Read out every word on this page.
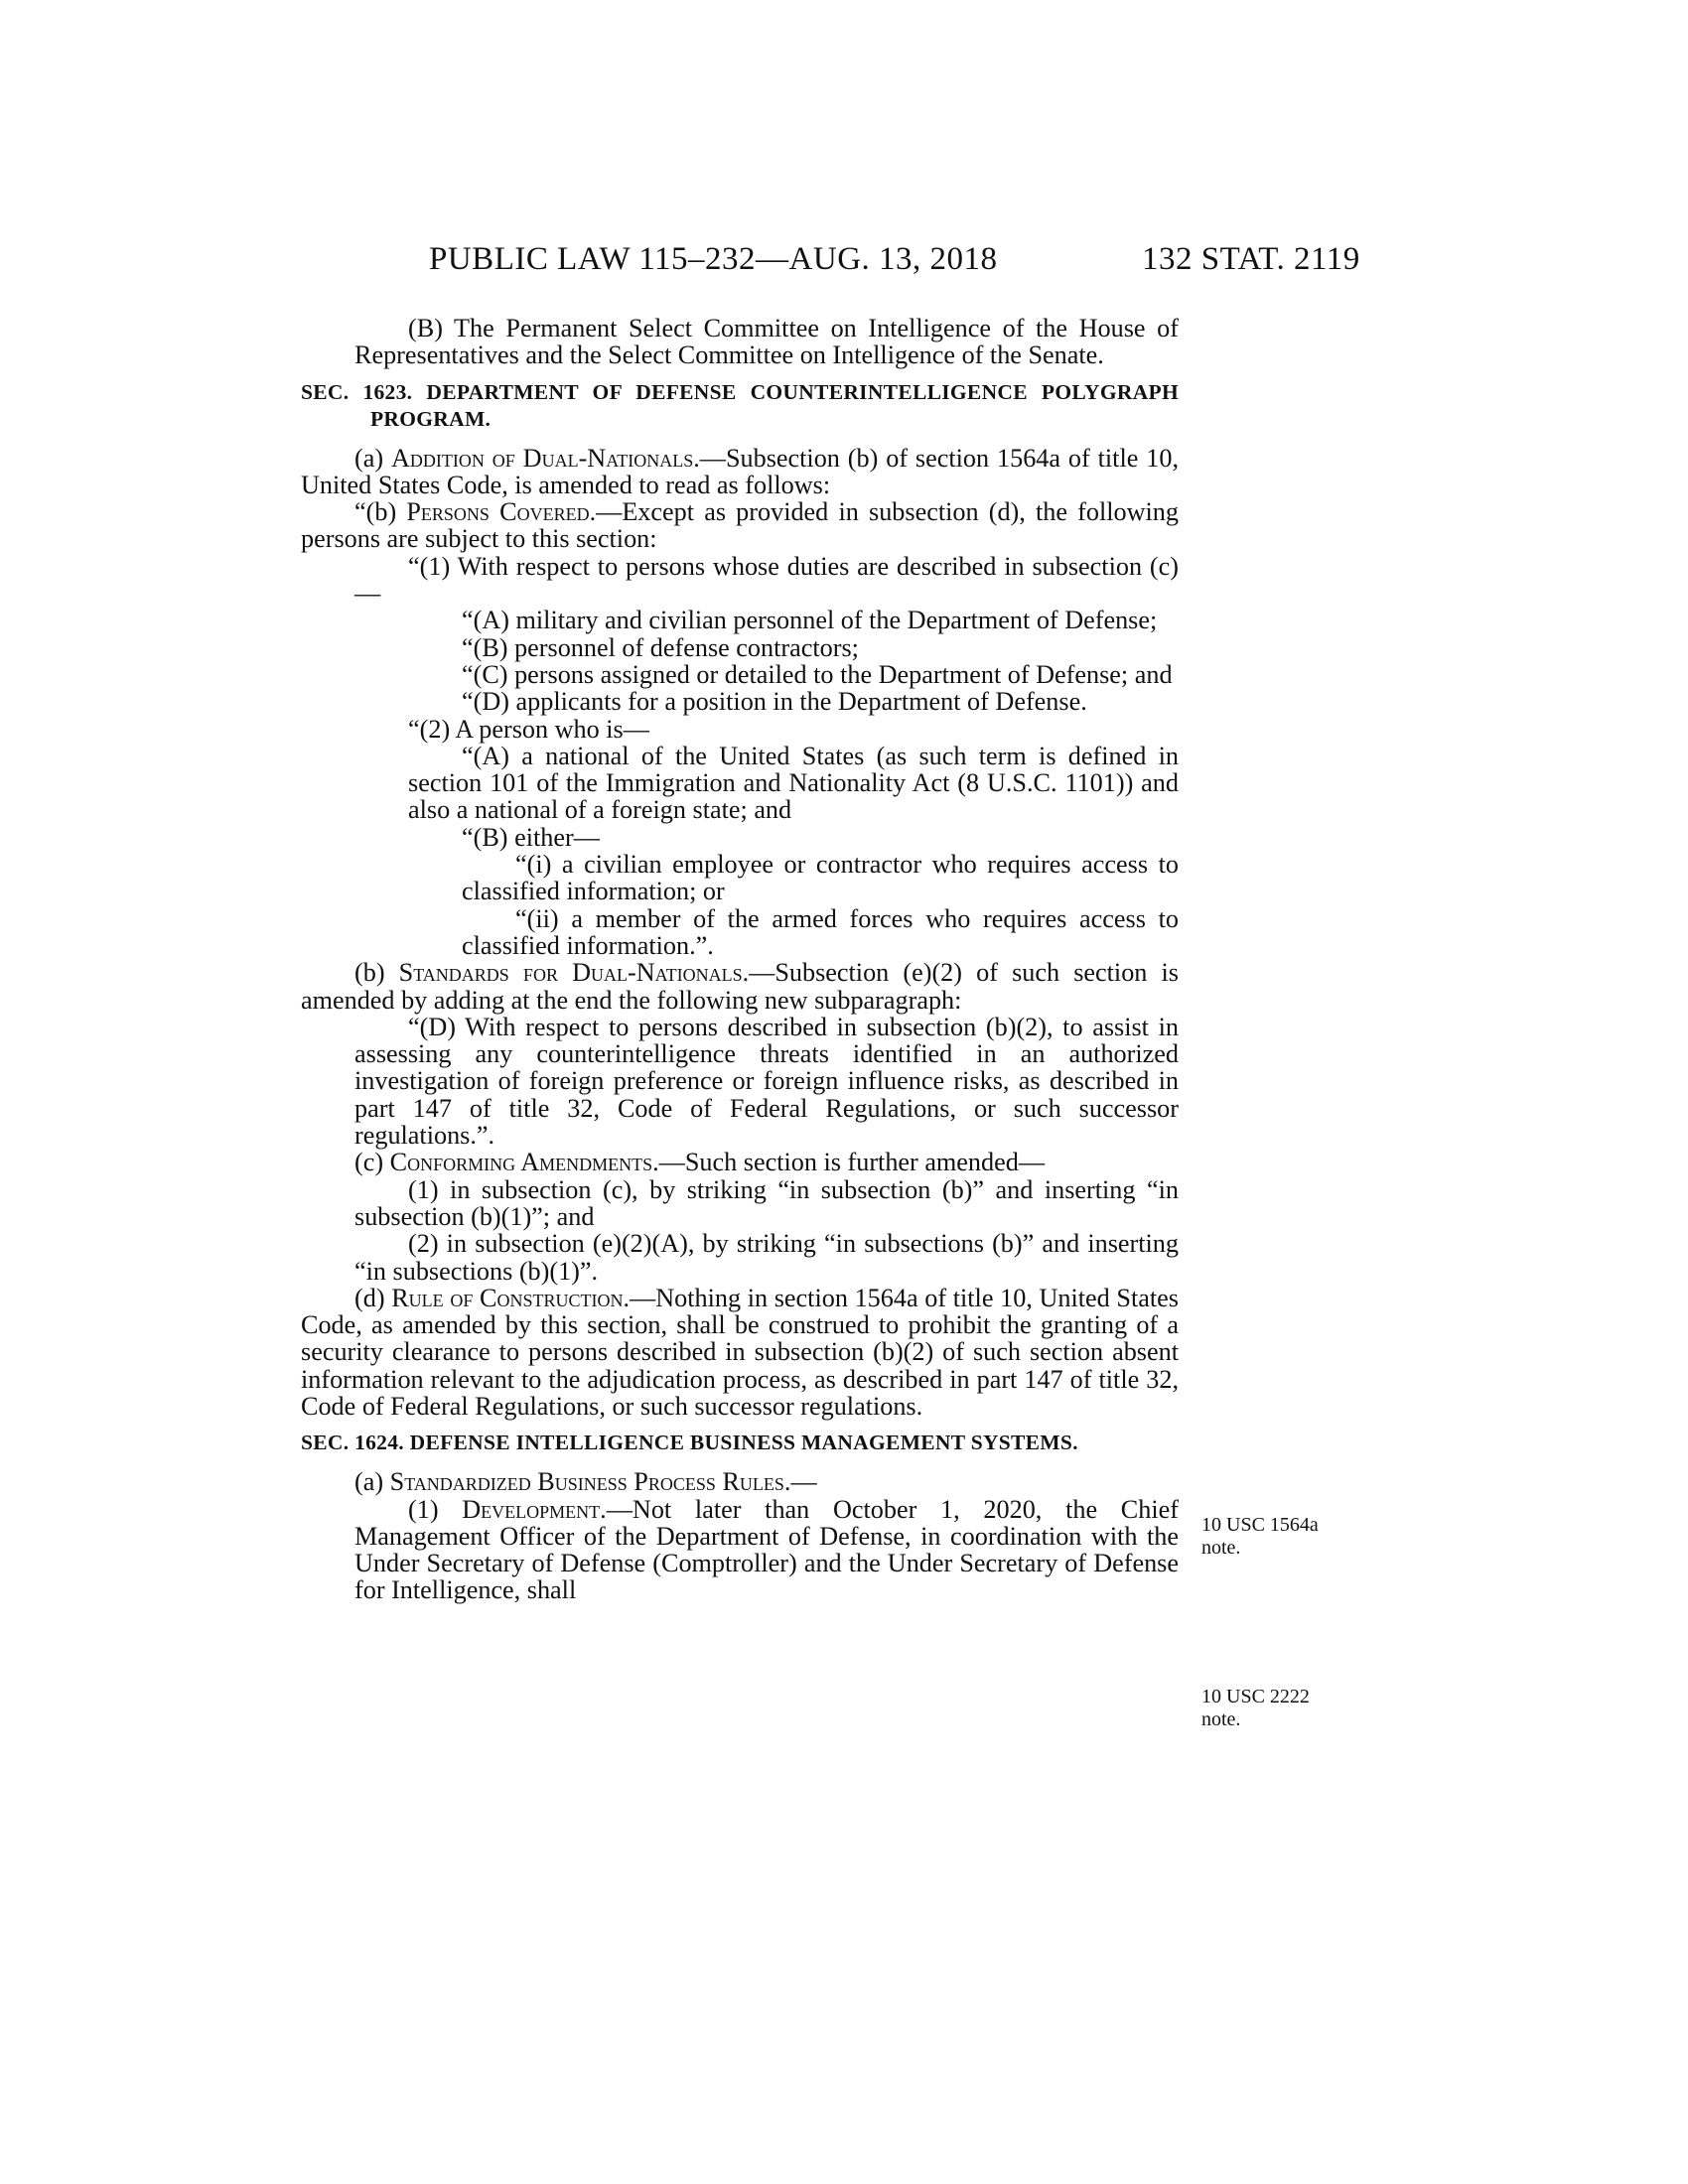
PUBLIC LAW 115–232—AUG. 13, 2018	132 STAT. 2119

(B) The Permanent Select Committee on Intelligence of the House of Representatives and the Select Committee on Intelligence of the Senate.

SEC. 1623. DEPARTMENT OF DEFENSE COUNTERINTELLIGENCE POLYGRAPH PROGRAM.

(a) Addition of Dual-Nationals.—Subsection (b) of section 1564a of title 10, United States Code, is amended to read as follows:

“(b) Persons Covered.—Except as provided in subsection (d), the following persons are subject to this section:

“(1) With respect to persons whose duties are described in subsection (c)—

“(A) military and civilian personnel of the Department of Defense;

“(B) personnel of defense contractors;

“(C) persons assigned or detailed to the Department of Defense; and

“(D) applicants for a position in the Department of Defense.

“(2) A person who is—

“(A) a national of the United States (as such term is defined in section 101 of the Immigration and Nationality Act (8 U.S.C. 1101)) and also a national of a foreign state; and

“(B) either—

“(i) a civilian employee or contractor who requires access to classified information; or

“(ii) a member of the armed forces who requires access to classified information.”.

(b) Standards for Dual-Nationals.—Subsection (e)(2) of such section is amended by adding at the end the following new subparagraph:

“(D) With respect to persons described in subsection (b)(2), to assist in assessing any counterintelligence threats identified in an authorized investigation of foreign preference or foreign influence risks, as described in part 147 of title 32, Code of Federal Regulations, or such successor regulations.”.

(c) Conforming Amendments.—Such section is further amended—

(1) in subsection (c), by striking “in subsection (b)” and inserting “in subsection (b)(1)”; and

(2) in subsection (e)(2)(A), by striking “in subsections (b)” and inserting “in subsections (b)(1)”.

(d) Rule of Construction.—Nothing in section 1564a of title 10, United States Code, as amended by this section, shall be construed to prohibit the granting of a security clearance to persons described in subsection (b)(2) of such section absent information relevant to the adjudication process, as described in part 147 of title 32, Code of Federal Regulations, or such successor regulations.

SEC. 1624. DEFENSE INTELLIGENCE BUSINESS MANAGEMENT SYSTEMS.

(a) Standardized Business Process Rules.—

(1) Development.—Not later than October 1, 2020, the Chief Management Officer of the Department of Defense, in coordination with the Under Secretary of Defense (Comptroller) and the Under Secretary of Defense for Intelligence, shall

10 USC 1564a note.
10 USC 2222 note.
